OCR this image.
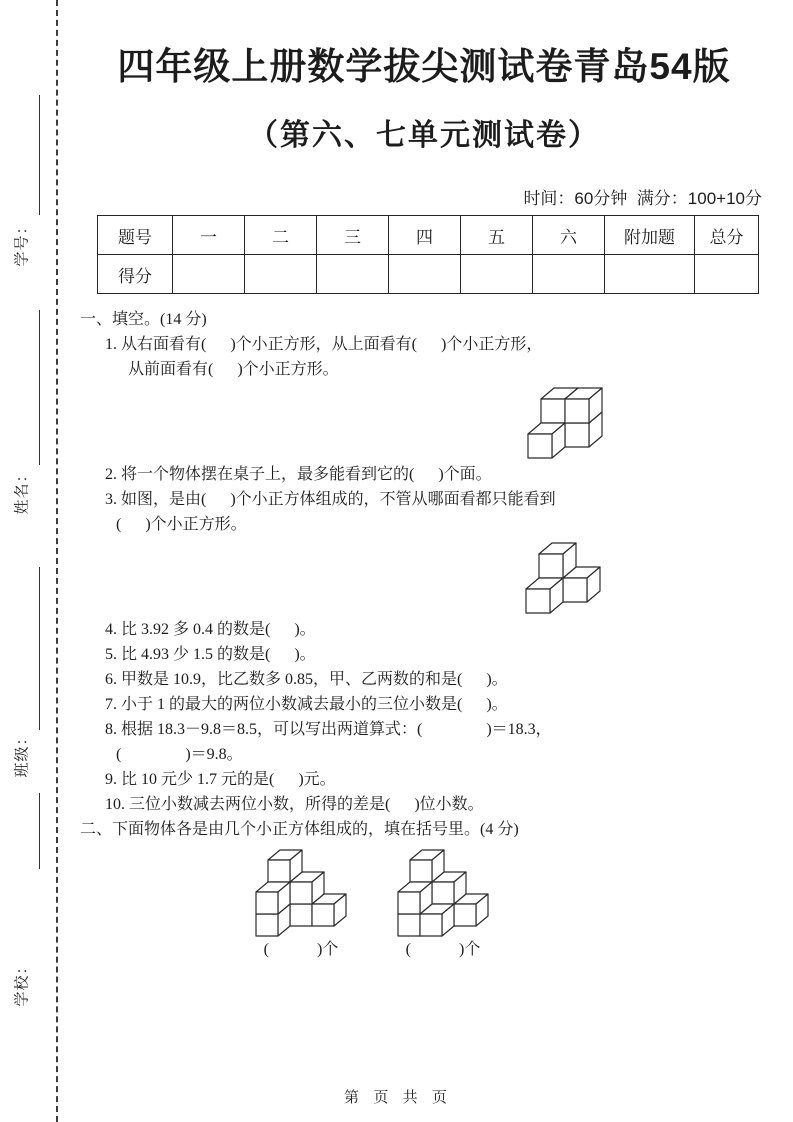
学号：
姓名：
班级：
学校：
四年级上册数学拔尖测试卷青岛54版
（第六、七单元测试卷）
时间：60分钟  满分：100+10分
题号	一	二	三	四	五	六	附加题	总分
得分								

一、填空。(14 分)

1. 从右面看有(      )个小正方形，从上面看有(      )个小正方形，

从前面看有(      )个小正方形。

2. 将一个物体摆在桌子上，最多能看到它的(      )个面。

3. 如图，是由(      )个小正方体组成的，不管从哪面看都只能看到

(      )个小正方形。

4. 比 3.92 多 0.4 的数是(      )。

5. 比 4.93 少 1.5 的数是(      )。

6. 甲数是 10.9，比乙数多 0.85，甲、乙两数的和是(      )。

7. 小于 1 的最大的两位小数减去最小的三位小数是(      )。

8. 根据 18.3－9.8＝8.5，可以写出两道算式：(                )＝18.3，

(                )＝9.8。

9. 比 10 元少 1.7 元的是(      )元。

10. 三位小数减去两位小数，所得的差是(      )位小数。

二、下面物体各是由几个小正方体组成的，填在括号里。(4 分)

(            )个	(            )个
第  页  共  页
